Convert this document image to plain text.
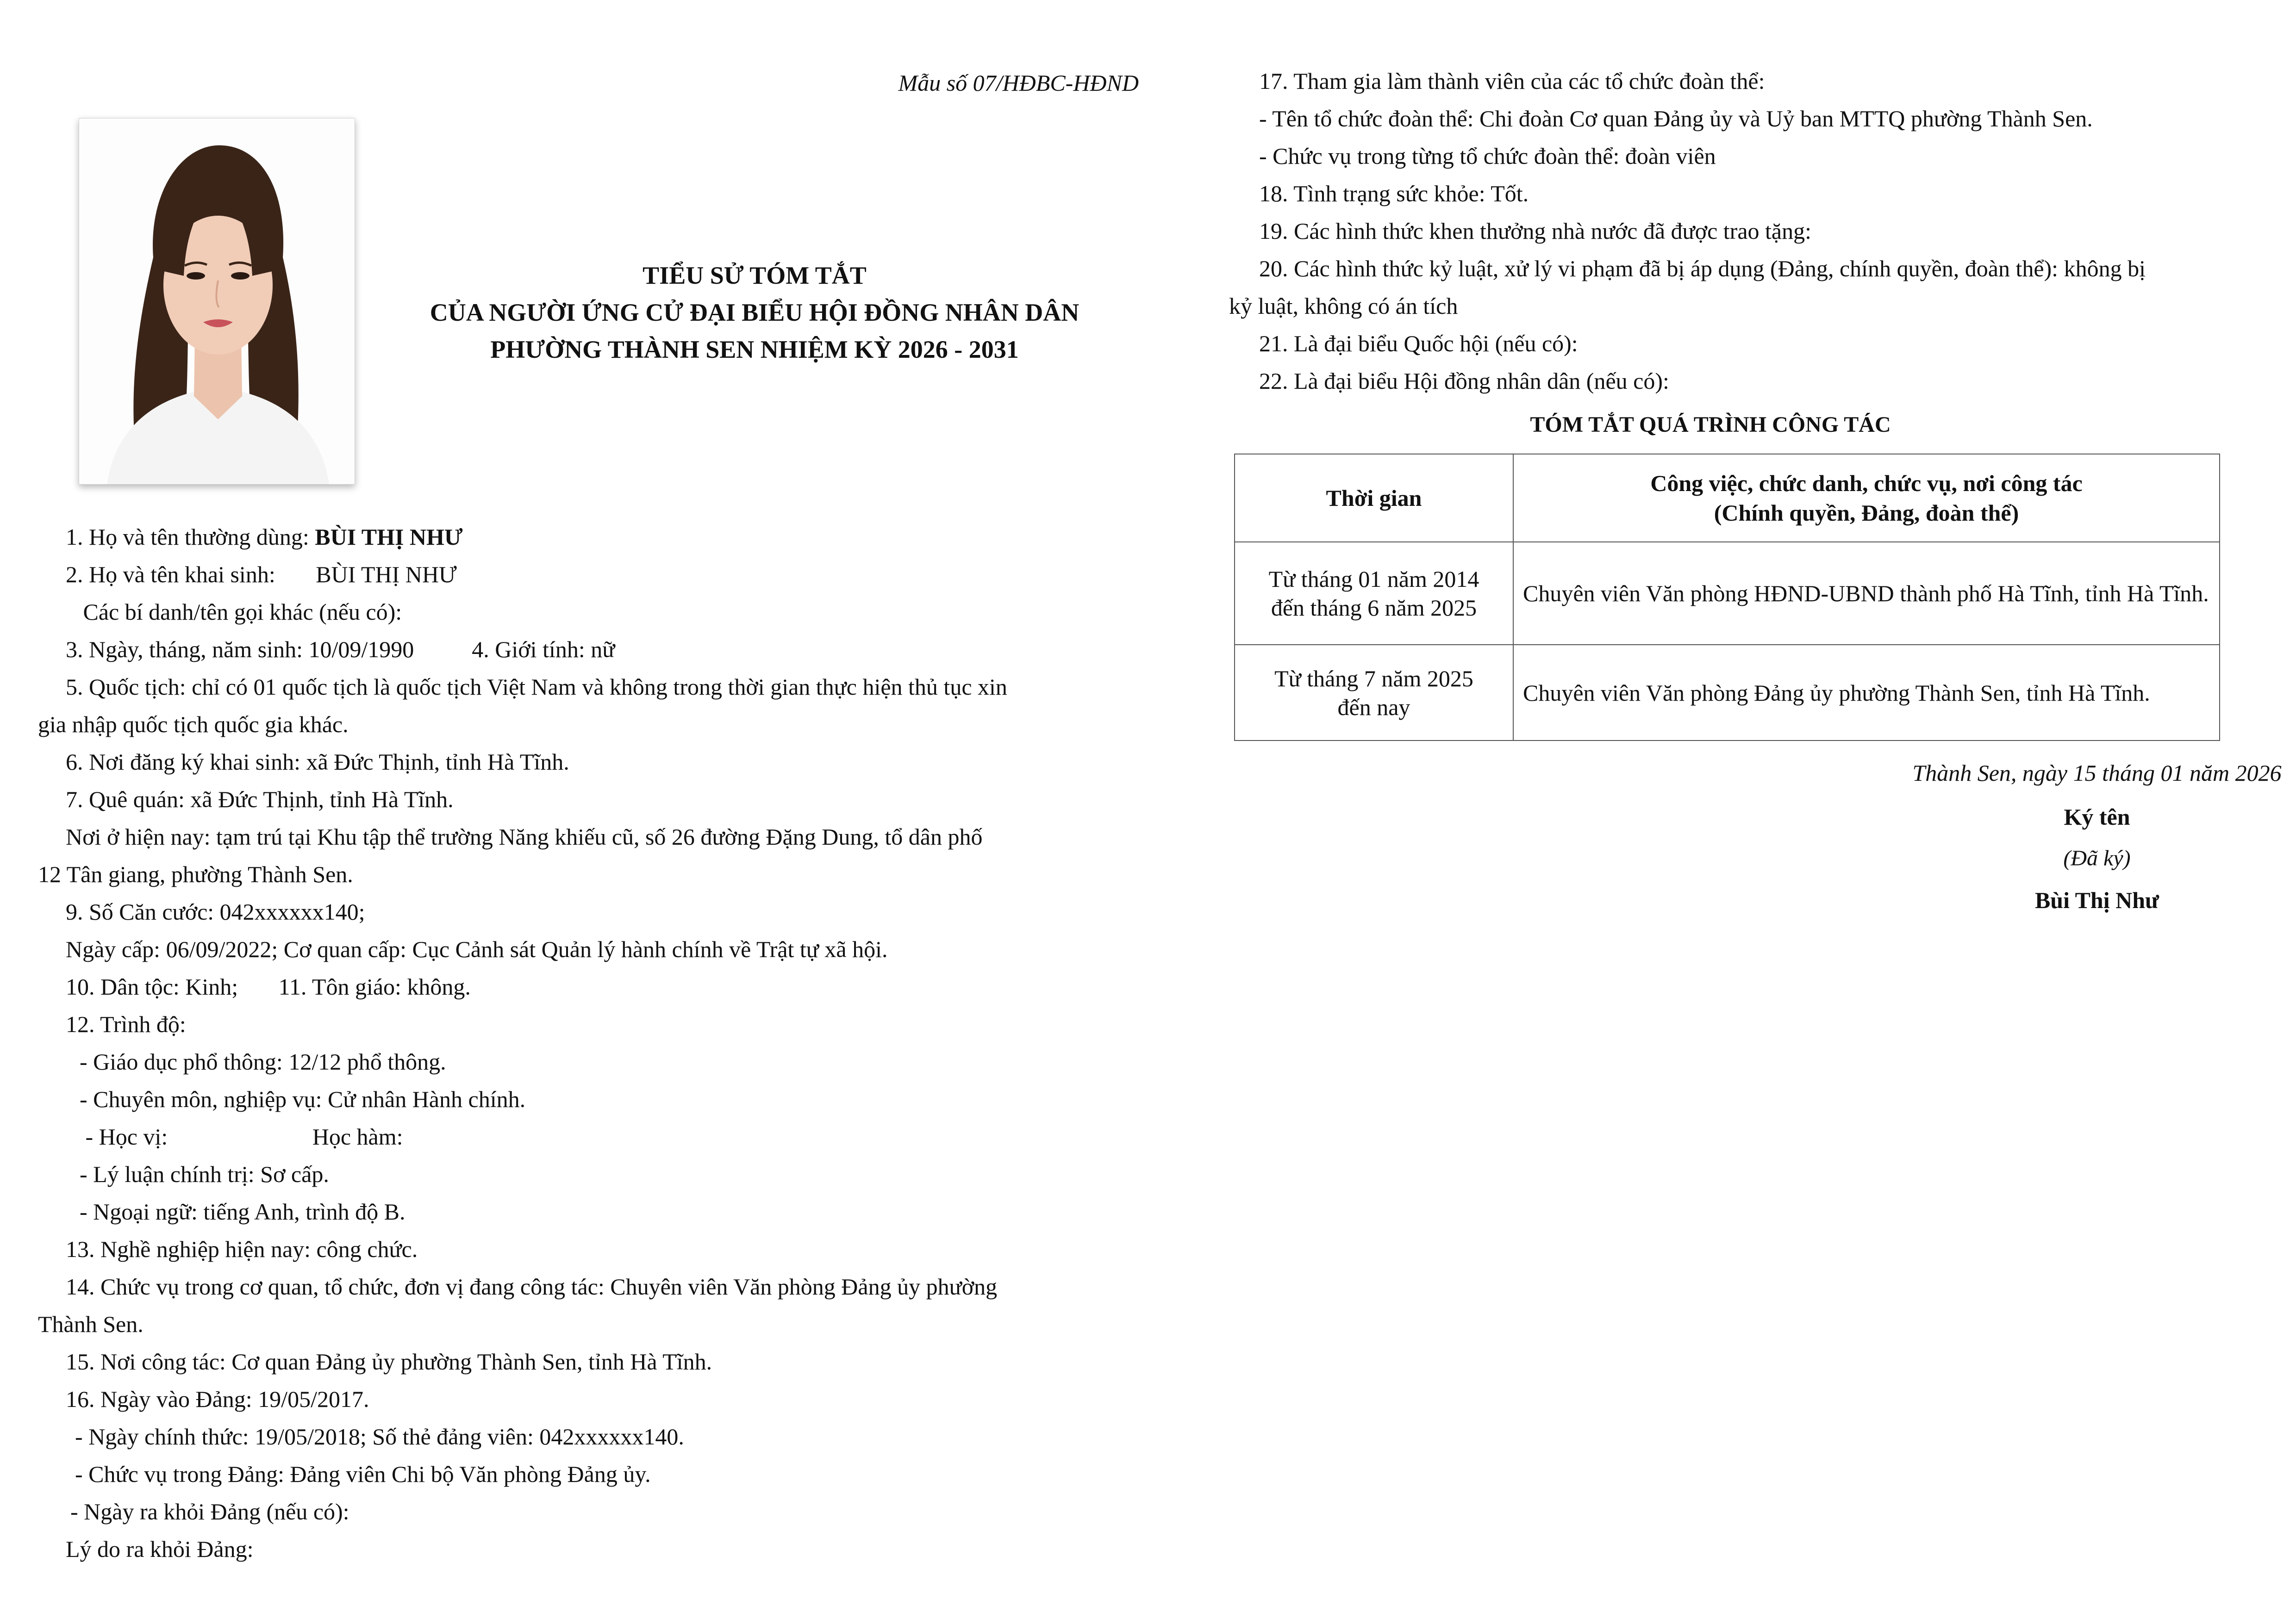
Mẫu số 07/HĐBC-HĐND
TIỂU SỬ TÓM TẮT
CỦA NGƯỜI ỨNG CỬ ĐẠI BIỂU HỘI ĐỒNG NHÂN DÂN
PHƯỜNG THÀNH SEN NHIỆM KỲ 2026 - 2031

1. Họ và tên thường dùng: BÙI THỊ NHƯ

2. Họ và tên khai sinh:       BÙI THỊ NHƯ

Các bí danh/tên gọi khác (nếu có):

3. Ngày, tháng, năm sinh: 10/09/1990          4. Giới tính: nữ

5. Quốc tịch: chỉ có 01 quốc tịch là quốc tịch Việt Nam và không trong thời gian thực hiện thủ tục xin

gia nhập quốc tịch quốc gia khác.

6. Nơi đăng ký khai sinh: xã Đức Thịnh, tỉnh Hà Tĩnh.

7. Quê quán: xã Đức Thịnh, tỉnh Hà Tĩnh.

Nơi ở hiện nay: tạm trú tại Khu tập thể trường Năng khiếu cũ, số 26 đường Đặng Dung, tổ dân phố

12 Tân giang, phường Thành Sen.

9. Số Căn cước: 042xxxxxx140;

Ngày cấp: 06/09/2022; Cơ quan cấp: Cục Cảnh sát Quản lý hành chính về Trật tự xã hội.

10. Dân tộc: Kinh;       11. Tôn giáo: không.

12. Trình độ:

- Giáo dục phổ thông: 12/12 phổ thông.

- Chuyên môn, nghiệp vụ: Cử nhân Hành chính.

- Học vị:                         Học hàm:

- Lý luận chính trị: Sơ cấp.

- Ngoại ngữ: tiếng Anh, trình độ B.

13. Nghề nghiệp hiện nay: công chức.

14. Chức vụ trong cơ quan, tổ chức, đơn vị đang công tác: Chuyên viên Văn phòng Đảng ủy phường

Thành Sen.

15. Nơi công tác: Cơ quan Đảng ủy phường Thành Sen, tỉnh Hà Tĩnh.

16. Ngày vào Đảng: 19/05/2017.

- Ngày chính thức: 19/05/2018; Số thẻ đảng viên: 042xxxxxx140.

- Chức vụ trong Đảng: Đảng viên Chi bộ Văn phòng Đảng ủy.

- Ngày ra khỏi Đảng (nếu có):

Lý do ra khỏi Đảng:

17. Tham gia làm thành viên của các tổ chức đoàn thể:

- Tên tổ chức đoàn thể: Chi đoàn Cơ quan Đảng ủy và Uỷ ban MTTQ phường Thành Sen.

- Chức vụ trong từng tổ chức đoàn thể: đoàn viên

18. Tình trạng sức khỏe: Tốt.

19. Các hình thức khen thưởng nhà nước đã được trao tặng:

20. Các hình thức kỷ luật, xử lý vi phạm đã bị áp dụng (Đảng, chính quyền, đoàn thể): không bị

kỷ luật, không có án tích

21. Là đại biểu Quốc hội (nếu có):

22. Là đại biểu Hội đồng nhân dân (nếu có):

TÓM TẮT QUÁ TRÌNH CÔNG TÁC
Thời gian	Công việc, chức danh, chức vụ, nơi công tác
(Chính quyền, Đảng, đoàn thể)

Từ tháng 01 năm 2014
đến tháng 6 năm 2025	Chuyên viên Văn phòng HĐND-UBND thành phố Hà Tĩnh, tỉnh Hà Tĩnh.

Từ tháng 7 năm 2025
đến nay	Chuyên viên Văn phòng Đảng ủy phường Thành Sen, tỉnh Hà Tĩnh.
Thành Sen, ngày 15 tháng 01 năm 2026
Ký tên
(Đã ký)
Bùi Thị Như
